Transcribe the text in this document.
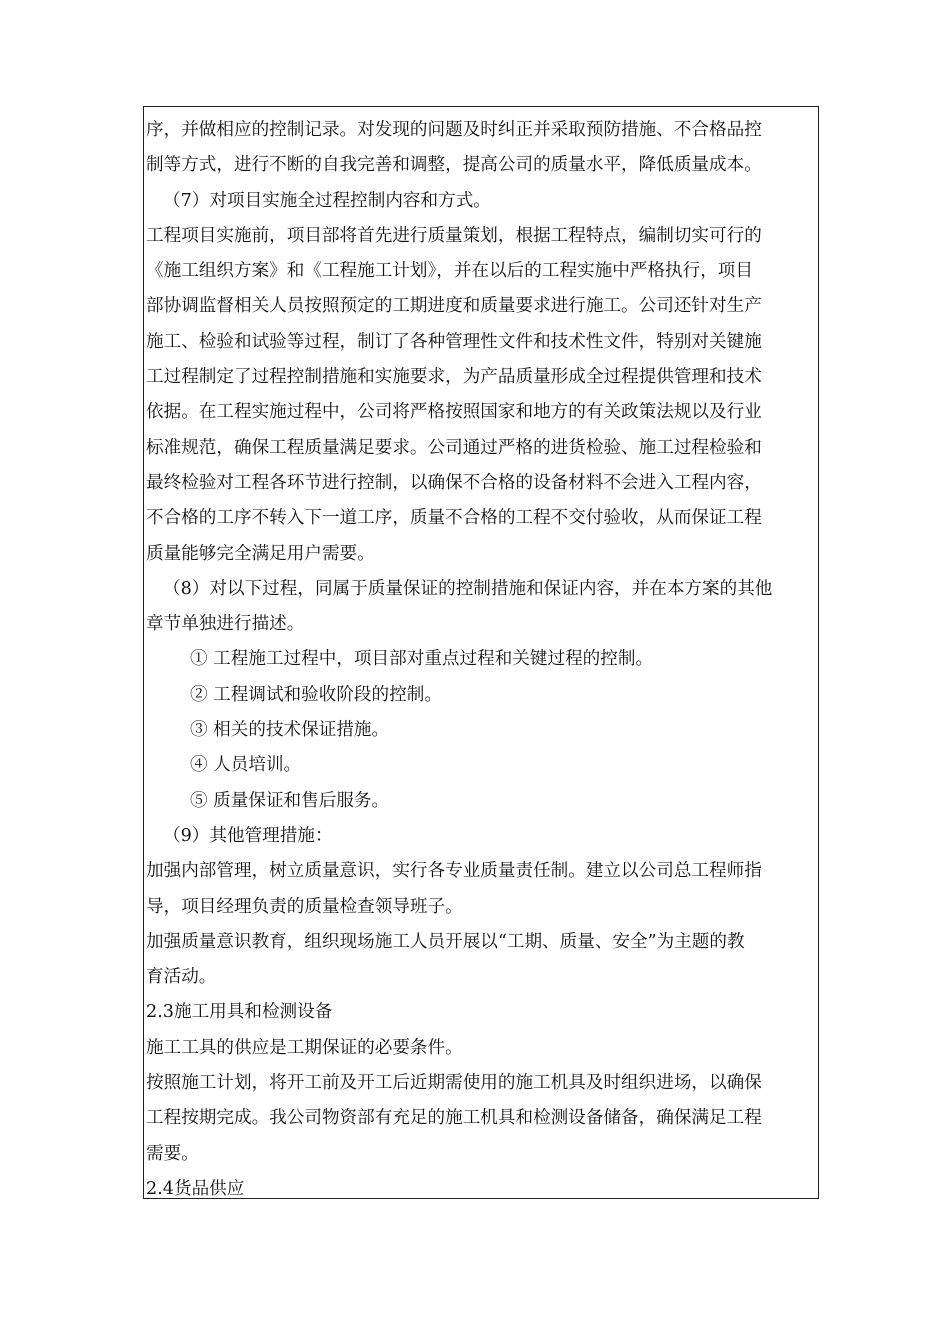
序，并做相应的控制记录。对发现的问题及时纠正并采取预防措施、不合格品控
制等方式，进行不断的自我完善和调整，提高公司的质量水平，降低质量成本。
（7）对项目实施全过程控制内容和方式。
工程项目实施前，项目部将首先进行质量策划，根据工程特点，编制切实可行的
《施工组织方案》和《工程施工计划》，并在以后的工程实施中严格执行，项目
部协调监督相关人员按照预定的工期进度和质量要求进行施工。公司还针对生产
施工、检验和试验等过程，制订了各种管理性文件和技术性文件，特别对关键施
工过程制定了过程控制措施和实施要求，为产品质量形成全过程提供管理和技术
依据。在工程实施过程中，公司将严格按照国家和地方的有关政策法规以及行业
标准规范，确保工程质量满足要求。公司通过严格的进货检验、施工过程检验和
最终检验对工程各环节进行控制，以确保不合格的设备材料不会进入工程内容，
不合格的工序不转入下一道工序，质量不合格的工程不交付验收，从而保证工程
质量能够完全满足用户需要。
（8）对以下过程，同属于质量保证的控制措施和保证内容，并在本方案的其他
章节单独进行描述。
① 工程施工过程中，项目部对重点过程和关键过程的控制。
② 工程调试和验收阶段的控制。
③ 相关的技术保证措施。
④ 人员培训。
⑤ 质量保证和售后服务。
（9）其他管理措施：
加强内部管理，树立质量意识，实行各专业质量责任制。建立以公司总工程师指
导，项目经理负责的质量检查领导班子。
加强质量意识教育，组织现场施工人员开展以“工期、质量、安全”为主题的教
育活动。
2.3施工用具和检测设备
施工工具的供应是工期保证的必要条件。
按照施工计划，将开工前及开工后近期需使用的施工机具及时组织进场，以确保
工程按期完成。我公司物资部有充足的施工机具和检测设备储备，确保满足工程
需要。
2.4货品供应
